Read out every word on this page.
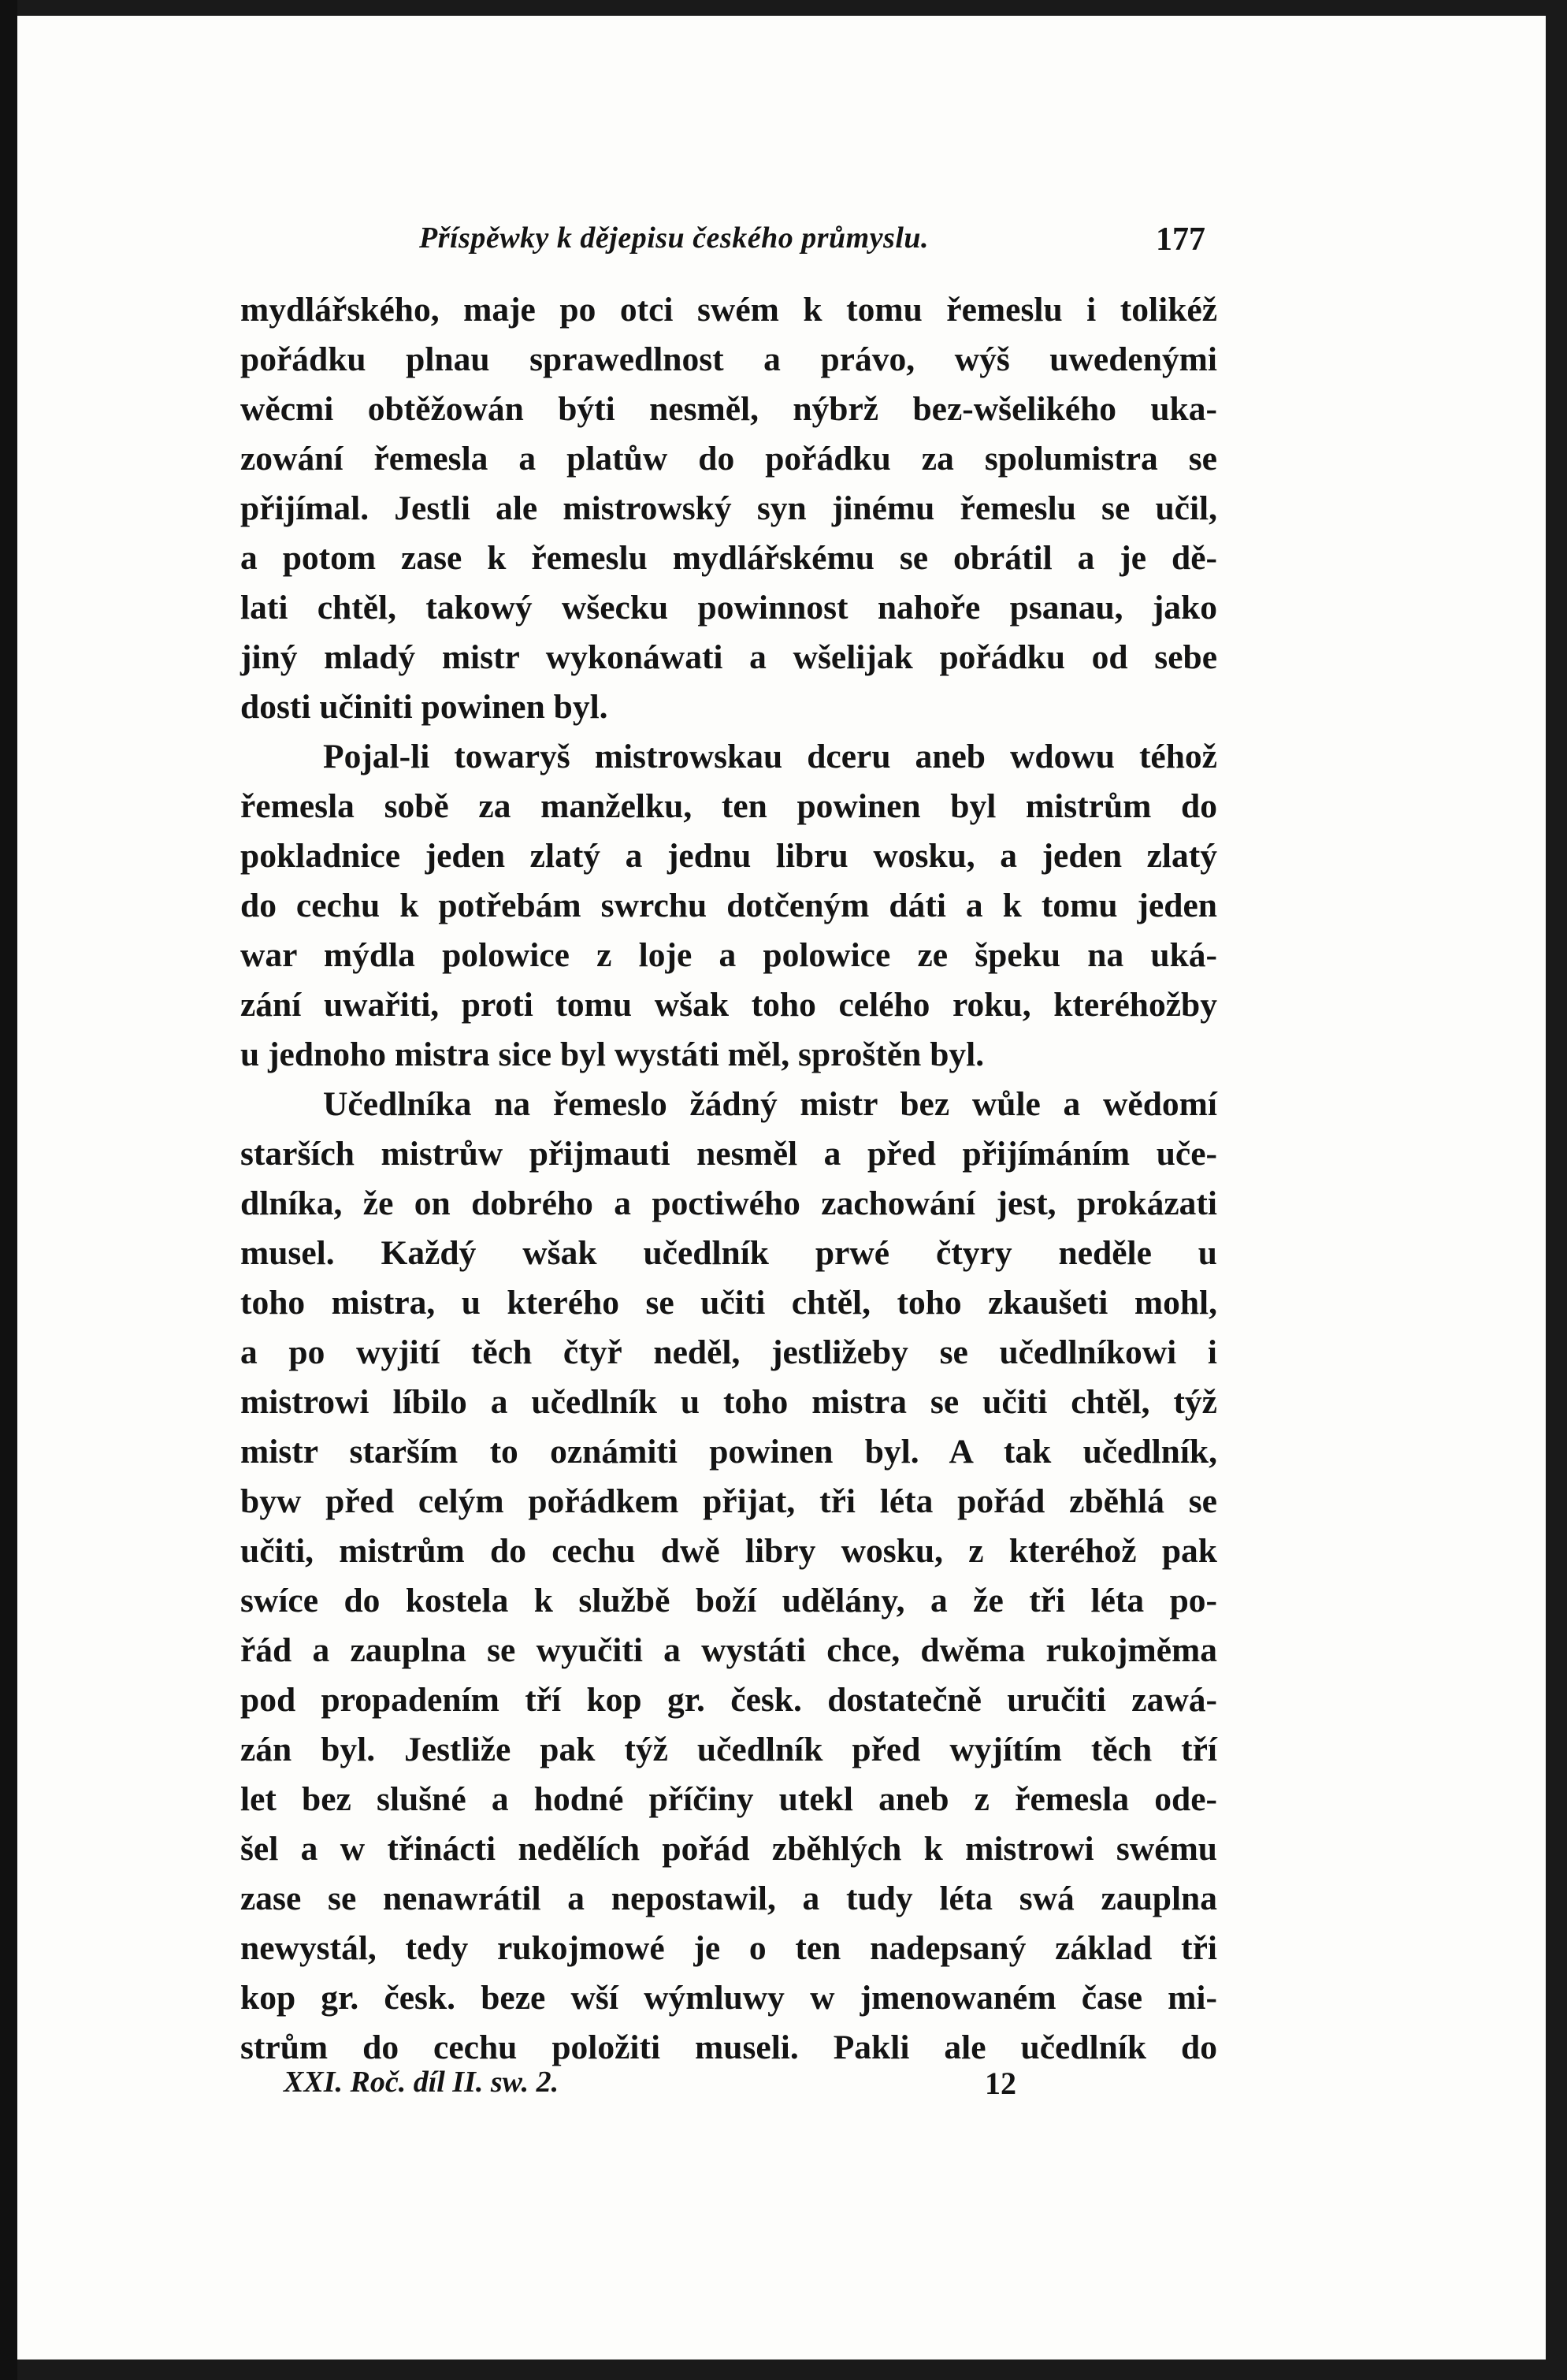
Příspěwky k dějepisu českého průmyslu.	177
mydlářského, maje po otci swém k tomu řemeslu i tolikéž
pořádku plnau sprawedlnost a právo, wýš uwedenými
wěcmi obtěžowán býti nesměl, nýbrž bez-wšelikého uka-
zowání řemesla a platůw do pořádku za spolumistra se
přijímal. Jestli ale mistrowský syn jinému řemeslu se učil,
a potom zase k řemeslu mydlářskému se obrátil a je dě-
lati chtěl, takowý wšecku powinnost nahoře psanau, jako
jiný mladý mistr wykonáwati a wšelijak pořádku od sebe
dosti učiniti powinen byl.
Pojal-li towaryš mistrowskau dceru aneb wdowu téhož
řemesla sobě za manželku, ten powinen byl mistrům do
pokladnice jeden zlatý a jednu libru wosku, a jeden zlatý
do cechu k potřebám swrchu dotčeným dáti a k tomu jeden
war mýdla polowice z loje a polowice ze špeku na uká-
zání uwařiti, proti tomu wšak toho celého roku, kteréhožby
u jednoho mistra sice byl wystáti měl, sproštěn byl.
Učedlníka na řemeslo žádný mistr bez wůle a wědomí
starších mistrůw přijmauti nesměl a před přijímáním uče-
dlníka, že on dobrého a poctiwého zachowání jest, prokázati
musel. Každý wšak učedlník prwé čtyry neděle u
toho mistra, u kterého se učiti chtěl, toho zkaušeti mohl,
a po wyjití těch čtyř neděl, jestližeby se učedlníkowi i
mistrowi líbilo a učedlník u toho mistra se učiti chtěl, týž
mistr starším to oznámiti powinen byl. A tak učedlník,
byw před celým pořádkem přijat, tři léta pořád zběhlá se
učiti, mistrům do cechu dwě libry wosku, z kteréhož pak
swíce do kostela k službě boží udělány, a že tři léta po-
řád a zauplna se wyučiti a wystáti chce, dwěma rukojměma
pod propadením tří kop gr. česk. dostatečně uručiti zawá-
zán byl. Jestliže pak týž učedlník před wyjítím těch tří
let bez slušné a hodné příčiny utekl aneb z řemesla ode-
šel a w třinácti nedělích pořád zběhlých k mistrowi swému
zase se nenawrátil a nepostawil, a tudy léta swá zauplna
newystál, tedy rukojmowé je o ten nadepsaný základ tři
kop gr. česk. beze wší wýmluwy w jmenowaném čase mi-
strům do cechu položiti museli. Pakli ale učedlník do
XXI. Roč. díl II. sw. 2.	12
